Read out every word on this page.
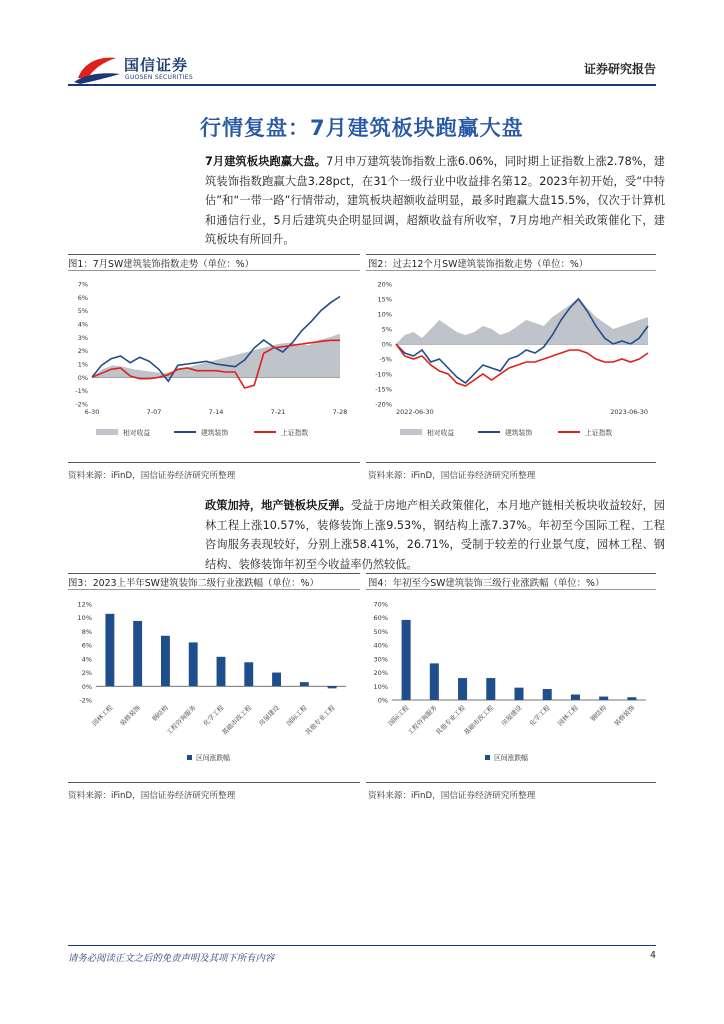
国信证券
GUOSEN SECURITIES
证券研究报告
行情复盘：7月建筑板块跑赢大盘
7月建筑板块跑赢大盘。7月申万建筑装饰指数上涨6.06%，同时期上证指数上涨2.78%，建筑装饰指数跑赢大盘3.28pct，在31个一级行业中收益排名第12。2023年初开始，受“中特估”和“一带一路”行情带动，建筑板块超额收益明显，最多时跑赢大盘15.5%，仅次于计算机和通信行业，5月后建筑央企明显回调，超额收益有所收窄，7月房地产相关政策催化下，建筑板块有所回升。
图1：7月SW建筑装饰指数走势（单位：%）
-2%
-1%
0%
1%
2%
3%
4%
5%
6%
7%
6-30	7-07	7-14	7-21	7-28
相对收益	建筑装饰	上证指数
资料来源：iFinD，国信证券经济研究所整理
图2：过去12个月SW建筑装饰指数走势（单位：%）
-20%
-15%
-10%
-5%
0%
5%
10%
15%
20%
2022-06-30	2023-06-30
相对收益	建筑装饰	上证指数
资料来源：iFinD，国信证券经济研究所整理
政策加持，地产链板块反弹。受益于房地产相关政策催化，本月地产链相关板块收益较好，园林工程上涨10.57%，装修装饰上涨9.53%，钢结构上涨7.37%。年初至今国际工程、工程咨询服务表现较好，分别上涨58.41%，26.71%，受制于较差的行业景气度，园林工程、钢结构、装修装饰年初至今收益率仍然较低。
图3：2023上半年SW建筑装饰二级行业涨跌幅（单位：%）
-2%
0%
2%
4%
6%
8%
10%
12%
园林工程 装修装饰 钢结构
工程咨询服务 化学工程
基础市政工程 房屋建设 国际工程
其他专业工程
区间涨跌幅
资料来源：iFinD，国信证券经济研究所整理
图4：年初至今SW建筑装饰三级行业涨跌幅（单位：%）
0%
10%
20%
30%
40%
50%
60%
70%
国际工程
工程咨询服务
其他专业工程
基础市政工程 房屋建设 化学工程 园林工程 钢结构 装修装饰
区间涨跌幅
资料来源：iFinD，国信证券经济研究所整理
请务必阅读正文之后的免责声明及其项下所有内容	4
